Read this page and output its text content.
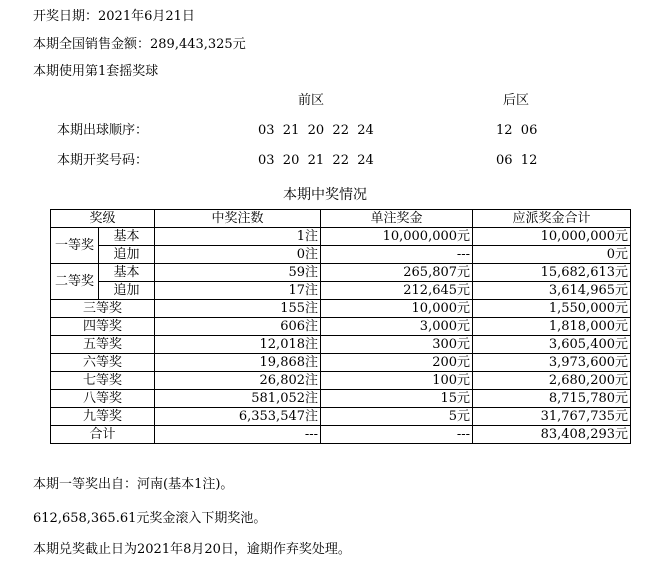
开奖日期：2021年6月21日
本期全国销售金额：289,443,325元
本期使用第1套摇奖球
前区	后区
本期出球顺序：	03  21  20  22  24	12  06
本期开奖号码：	03  20  21  22  24	06  12
本期中奖情况
奖级		中奖注数	单注奖金	应派奖金合计
一等奖	基本	1注	10,000,000元	10,000,000元
	追加	0注	---	0元
二等奖	基本	59注	265,807元	15,682,613元
	追加	17注	212,645元	3,614,965元
三等奖		155注	10,000元	1,550,000元
四等奖		606注	3,000元	1,818,000元
五等奖		12,018注	300元	3,605,400元
六等奖		19,868注	200元	3,973,600元
七等奖		26,802注	100元	2,680,200元
八等奖		581,052注	15元	8,715,780元
九等奖		6,353,547注	5元	31,767,735元
合计		---	---	83,408,293元
本期一等奖出自：河南(基本1注)。
612,658,365.61元奖金滚入下期奖池。
本期兑奖截止日为2021年8月20日，逾期作弃奖处理。
